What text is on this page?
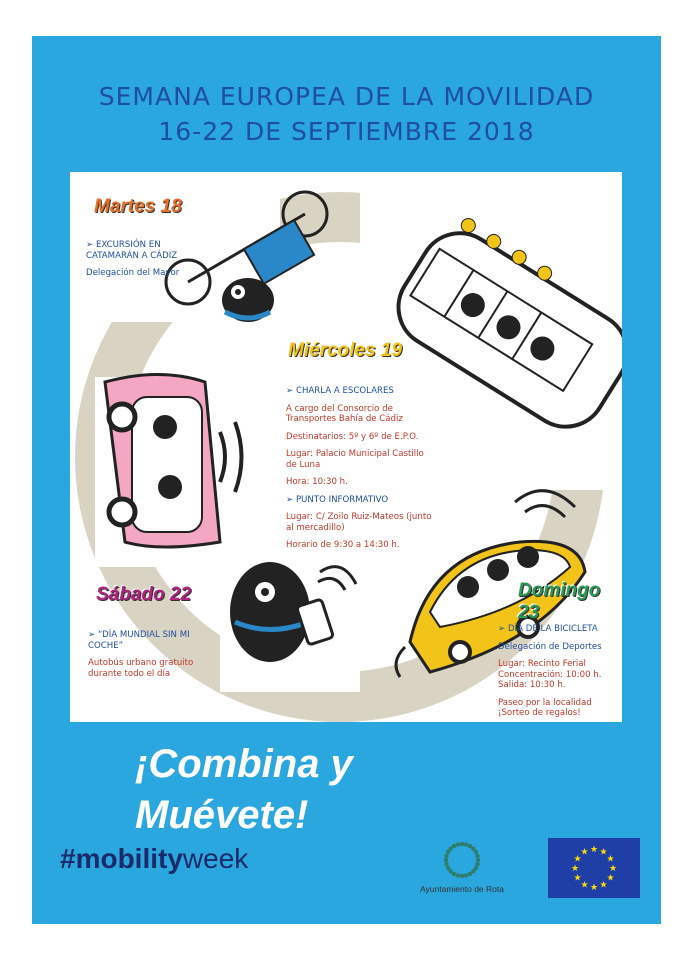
SEMANA EUROPEA DE LA MOVILIDAD
16-22 DE SEPTIEMBRE 2018
Martes 18

➢ EXCURSIÓN EN CATAMARÁN A CÁDIZ

Delegación del Mayor

Miércoles 19

➢ CHARLA A ESCOLARES

A cargo del Consorcio de Transportes Bahía de Cádiz

Destinatarios: 5º y 6º de E.P.O.

Lugar: Palacio Municipal Castillo de Luna

Hora: 10:30 h.

➢ PUNTO INFORMATIVO

Lugar: C/ Zoilo Ruiz-Mateos (junto al mercadillo)

Horario de 9:30 a 14:30 h.

Sábado 22

➢ “DÍA MUNDIAL SIN MI COCHE”

Autobús urbano gratuito durante todo el día

Domingo 23

➢ DÍA DE LA BICICLETA

Delegación de Deportes

Lugar: Recinto Ferial Concentración: 10:00 h. Salida: 10:30 h.

Paseo por la localidad ¡Sorteo de regalos!

¡Combina y
Muévete!
#mobilityweek
Ayuntamiento de Rota
★
★
★
★
★
★
★
★
★ ★ ★
★
